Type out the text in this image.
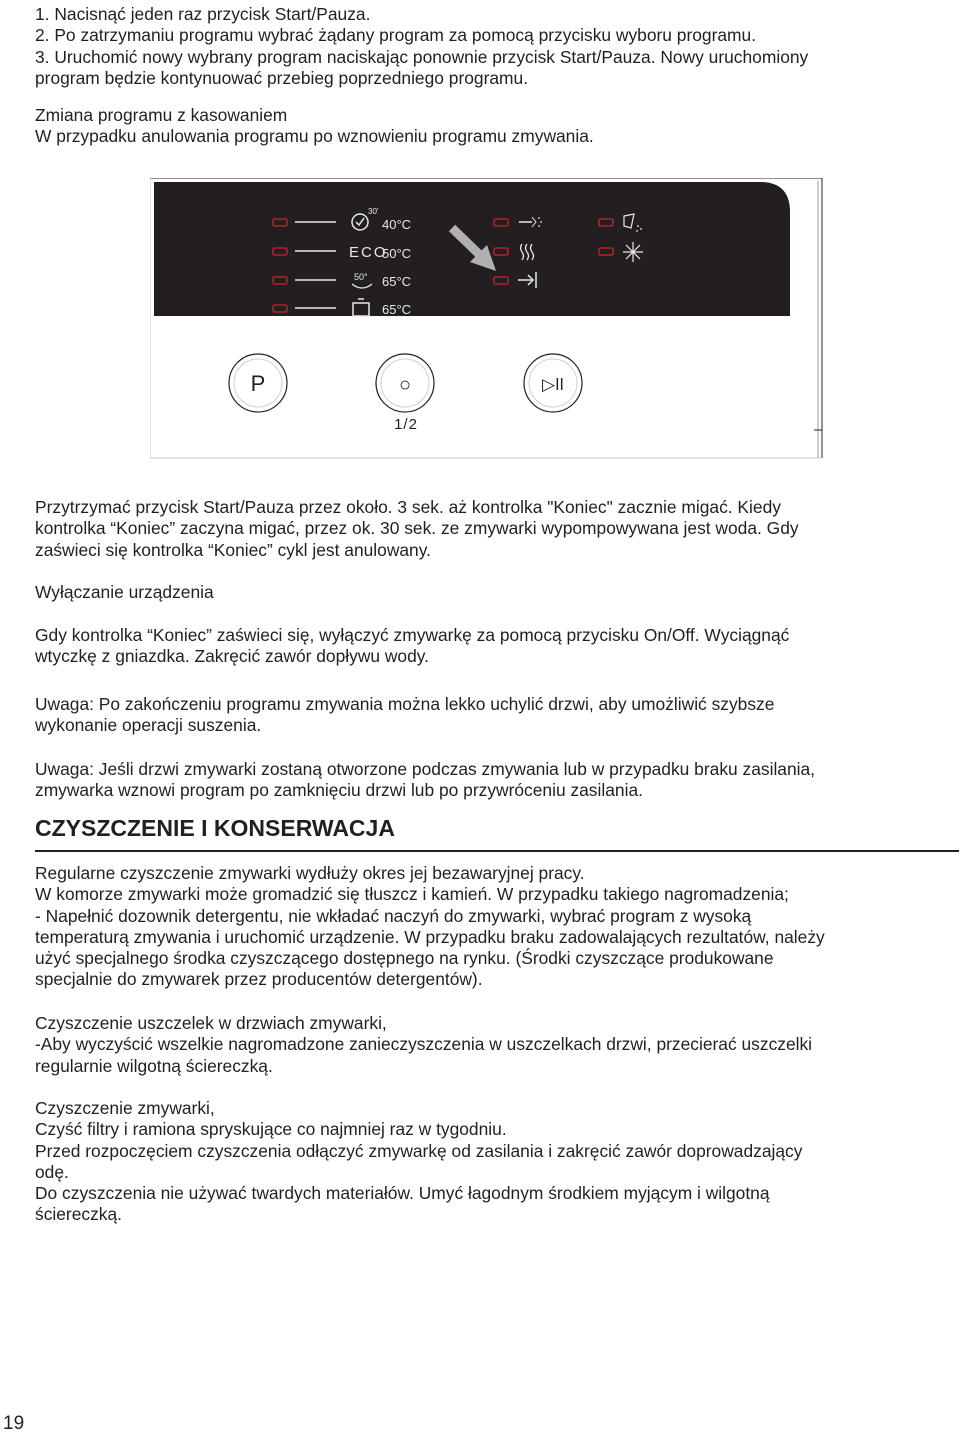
1. Nacisnąć jeden raz przycisk Start/Pauza.
2. Po zatrzymaniu programu wybrać żądany program za pomocą przycisku wyboru programu.
3. Uruchomić nowy wybrany program naciskając ponownie przycisk Start/Pauza. Nowy uruchomiony
program będzie kontynuować przebieg poprzedniego programu.
Zmiana programu z kasowaniem
W przypadku anulowania programu po wznowieniu programu zmywania.
30'
ECO
50°
40°C
50°C
65°C
65°C
P	○	▷ǀǀ
1/2
Przytrzymać przycisk Start/Pauza przez około. 3 sek. aż kontrolka "Koniec" zacznie migać. Kiedy
kontrolka “Koniec” zaczyna migać, przez ok. 30 sek. ze zmywarki wypompowywana jest woda. Gdy
zaświeci się kontrolka “Koniec” cykl jest anulowany.
Wyłączanie urządzenia
Gdy kontrolka “Koniec” zaświeci się, wyłączyć zmywarkę za pomocą przycisku On/Off. Wyciągnąć
wtyczkę z gniazdka. Zakręcić zawór dopływu wody.
Uwaga: Po zakończeniu programu zmywania można lekko uchylić drzwi, aby umożliwić szybsze
wykonanie operacji suszenia.
Uwaga: Jeśli drzwi zmywarki zostaną otworzone podczas zmywania lub w przypadku braku zasilania,
zmywarka wznowi program po zamknięciu drzwi lub po przywróceniu zasilania.
CZYSZCZENIE I KONSERWACJA
Regularne czyszczenie zmywarki wydłuży okres jej bezawaryjnej pracy.
W komorze zmywarki może gromadzić się tłuszcz i kamień. W przypadku takiego nagromadzenia;
- Napełnić dozownik detergentu, nie wkładać naczyń do zmywarki, wybrać program z wysoką
temperaturą zmywania i uruchomić urządzenie. W przypadku braku zadowalających rezultatów, należy
użyć specjalnego środka czyszczącego dostępnego na rynku. (Środki czyszczące produkowane
specjalnie do zmywarek przez producentów detergentów).
Czyszczenie uszczelek w drzwiach zmywarki,
-Aby wyczyścić wszelkie nagromadzone zanieczyszczenia w uszczelkach drzwi, przecierać uszczelki
regularnie wilgotną ściereczką.
Czyszczenie zmywarki,
Czyść filtry i ramiona spryskujące co najmniej raz w tygodniu.
Przed rozpoczęciem czyszczenia odłączyć zmywarkę od zasilania i zakręcić zawór doprowadzający
odę.
Do czyszczenia nie używać twardych materiałów. Umyć łagodnym środkiem myjącym i wilgotną
ściereczką.

19
